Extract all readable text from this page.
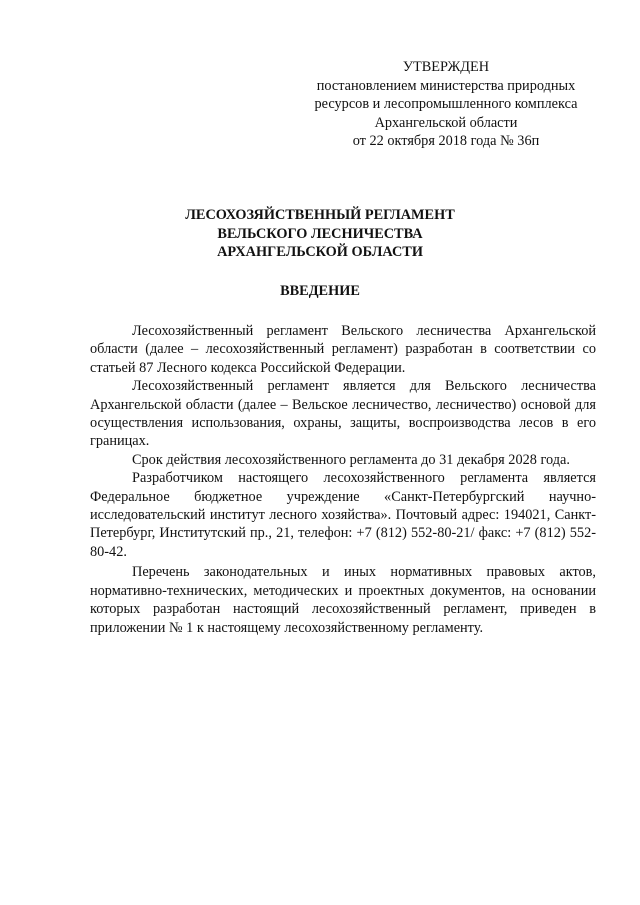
УТВЕРЖДЕН
постановлением министерства природных
ресурсов и лесопромышленного комплекса
Архангельской области
от 22 октября 2018 года № 36п
ЛЕСОХОЗЯЙСТВЕННЫЙ РЕГЛАМЕНТ
ВЕЛЬСКОГО ЛЕСНИЧЕСТВА
АРХАНГЕЛЬСКОЙ ОБЛАСТИ
ВВЕДЕНИЕ

Лесохозяйственный регламент Вельского лесничества Архангельской области (далее – лесохозяйственный регламент) разработан в соответствии со статьей 87 Лесного кодекса Российской Федерации.

Лесохозяйственный регламент является для Вельского лесничества Архангельской области (далее – Вельское лесничество, лесничество) основой для осуществления использования, охраны, защиты, воспроизводства лесов в его границах.

Срок действия лесохозяйственного регламента до 31 декабря 2028 года.

Разработчиком настоящего лесохозяйственного регламента является Федеральное бюджетное учреждение «Санкт-Петербургский научно-исследовательский институт лесного хозяйства». Почтовый адрес: 194021, Санкт-Петербург, Институтский пр., 21, телефон: +7 (812) 552-80-21/ факс: +7 (812) 552-80-42.

Перечень законодательных и иных нормативных правовых актов, нормативно-технических, методических и проектных документов, на основании которых разработан настоящий лесохозяйственный регламент, приведен в приложении № 1 к настоящему лесохозяйственному регламенту.
